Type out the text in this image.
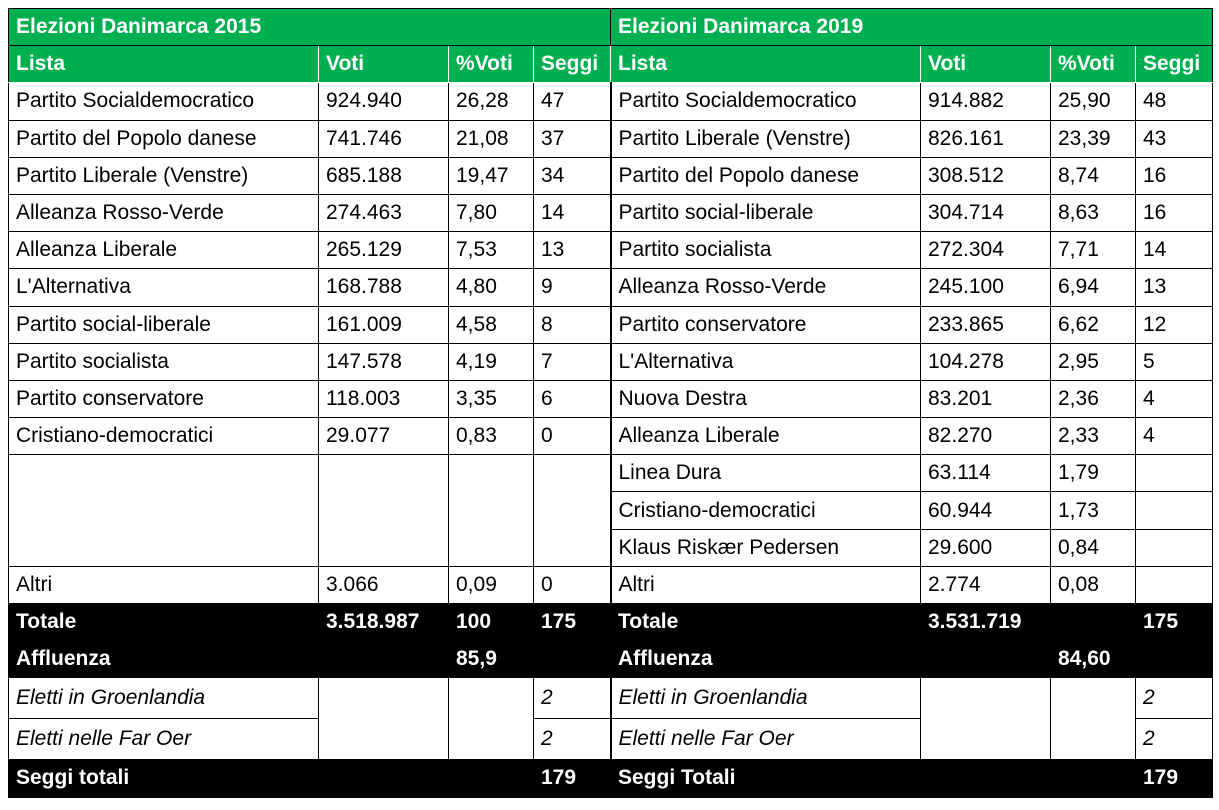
Elezioni Danimarca 2015				Elezioni Danimarca 2019			
Lista	Voti	%Voti	Seggi	Lista	Voti	%Voti	Seggi
Partito Socialdemocratico	924.940	26,28	47	Partito Socialdemocratico	914.882	25,90	48
Partito del Popolo danese	741.746	21,08	37	Partito Liberale (Venstre)	826.161	23,39	43
Partito Liberale (Venstre)	685.188	19,47	34	Partito del Popolo danese	308.512	8,74	16
Alleanza Rosso-Verde	274.463	7,80	14	Partito social-liberale	304.714	8,63	16
Alleanza Liberale	265.129	7,53	13	Partito socialista	272.304	7,71	14
L'Alternativa	168.788	4,80	9	Alleanza Rosso-Verde	245.100	6,94	13
Partito social-liberale	161.009	4,58	8	Partito conservatore	233.865	6,62	12
Partito socialista	147.578	4,19	7	L'Alternativa	104.278	2,95	5
Partito conservatore	118.003	3,35	6	Nuova Destra	83.201	2,36	4
Cristiano-democratici	29.077	0,83	0	Alleanza Liberale	82.270	2,33	4
				Linea Dura	63.114	1,79	
				Cristiano-democratici	60.944	1,73	
				Klaus Riskær Pedersen	29.600	0,84	
Altri	3.066	0,09	0	Altri	2.774	0,08	
Totale	3.518.987	100	175	Totale	3.531.719		175
Affluenza		85,9		Affluenza		84,60	
Eletti in Groenlandia			2	Eletti in Groenlandia			2
Eletti nelle Far Oer			2	Eletti nelle Far Oer			2
Seggi totali			179	Seggi Totali			179
